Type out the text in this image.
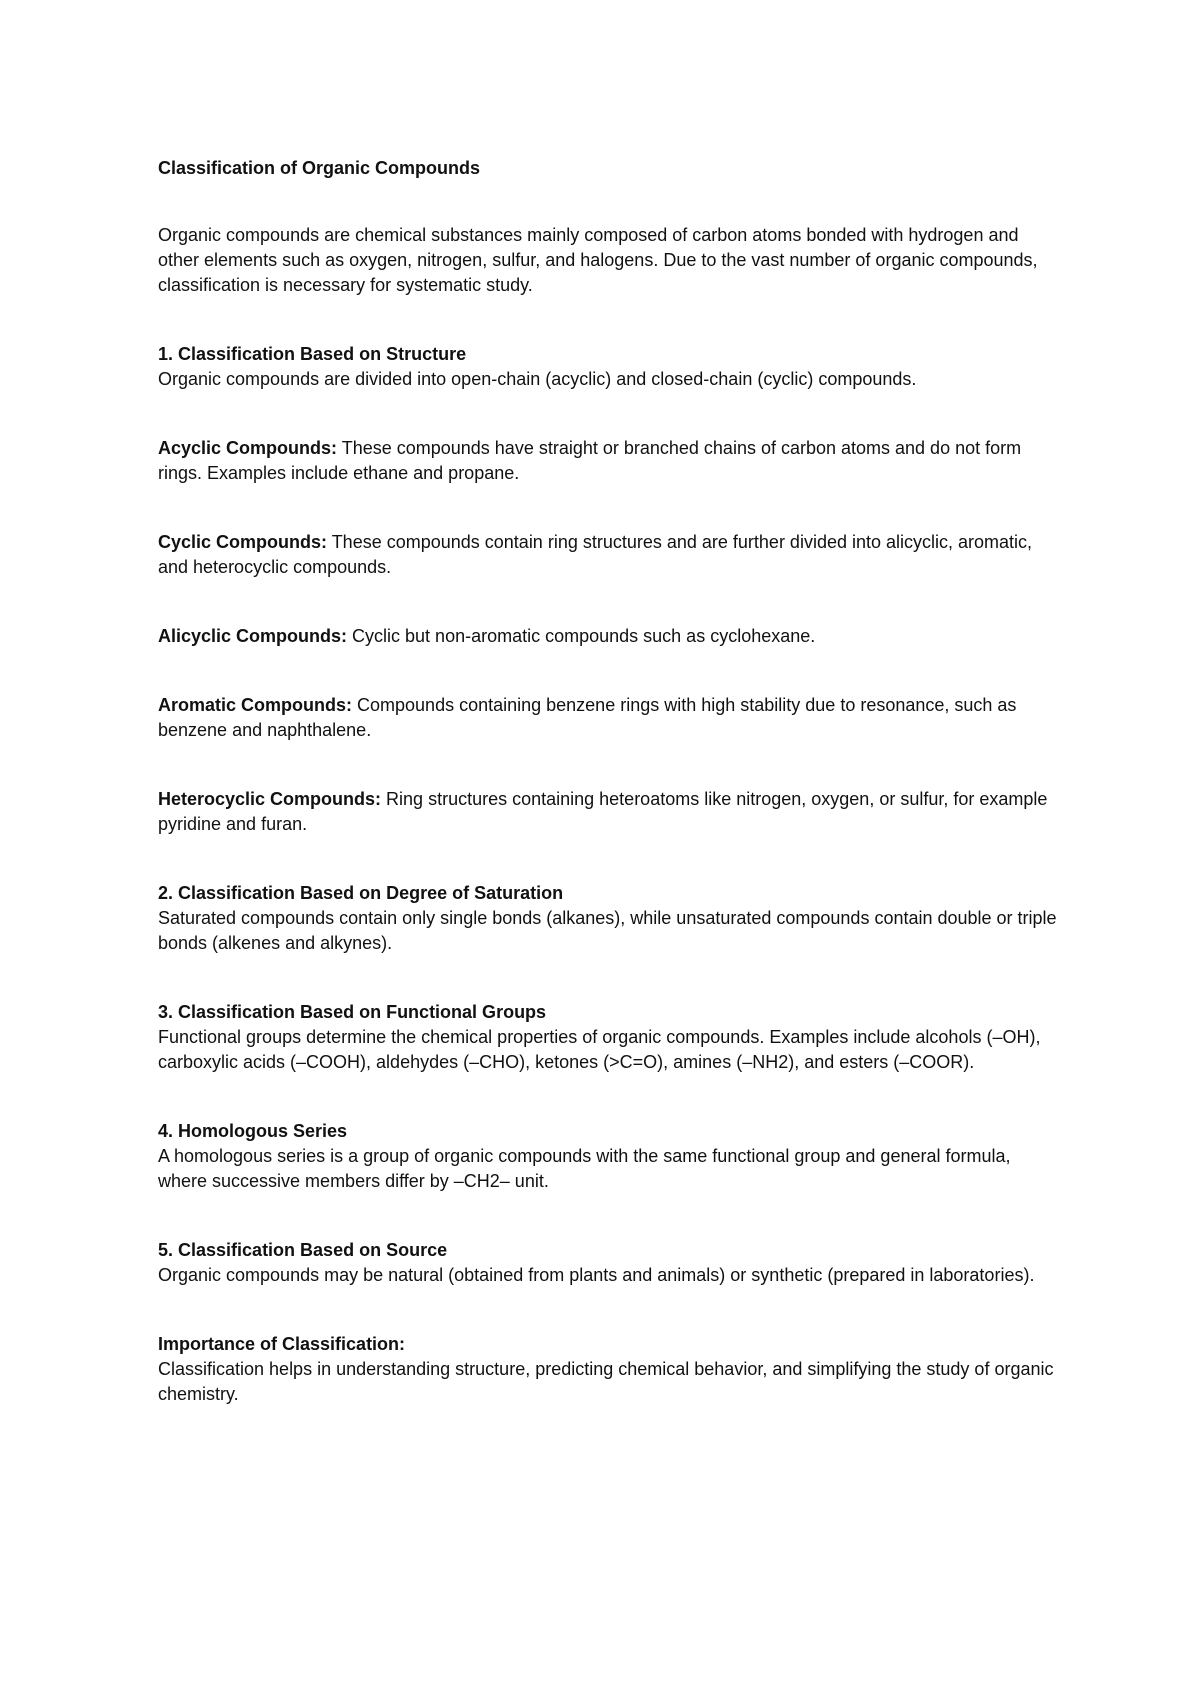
Classification of Organic Compounds

Organic compounds are chemical substances mainly composed of carbon atoms bonded with hydrogen and other elements such as oxygen, nitrogen, sulfur, and halogens. Due to the vast number of organic compounds, classification is necessary for systematic study.

1. Classification Based on Structure

Organic compounds are divided into open-chain (acyclic) and closed-chain (cyclic) compounds.

Acyclic Compounds: These compounds have straight or branched chains of carbon atoms and do not form rings. Examples include ethane and propane.

Cyclic Compounds: These compounds contain ring structures and are further divided into alicyclic, aromatic, and heterocyclic compounds.

Alicyclic Compounds: Cyclic but non-aromatic compounds such as cyclohexane.

Aromatic Compounds: Compounds containing benzene rings with high stability due to resonance, such as benzene and naphthalene.

Heterocyclic Compounds: Ring structures containing heteroatoms like nitrogen, oxygen, or sulfur, for example pyridine and furan.

2. Classification Based on Degree of Saturation

Saturated compounds contain only single bonds (alkanes), while unsaturated compounds contain double or triple bonds (alkenes and alkynes).

3. Classification Based on Functional Groups

Functional groups determine the chemical properties of organic compounds. Examples include alcohols (–OH), carboxylic acids (–COOH), aldehydes (–CHO), ketones (>C=O), amines (–NH2), and esters (–COOR).

4. Homologous Series

A homologous series is a group of organic compounds with the same functional group and general formula, where successive members differ by –CH2– unit.

5. Classification Based on Source

Organic compounds may be natural (obtained from plants and animals) or synthetic (prepared in laboratories).

Importance of Classification:

Classification helps in understanding structure, predicting chemical behavior, and simplifying the study of organic chemistry.
